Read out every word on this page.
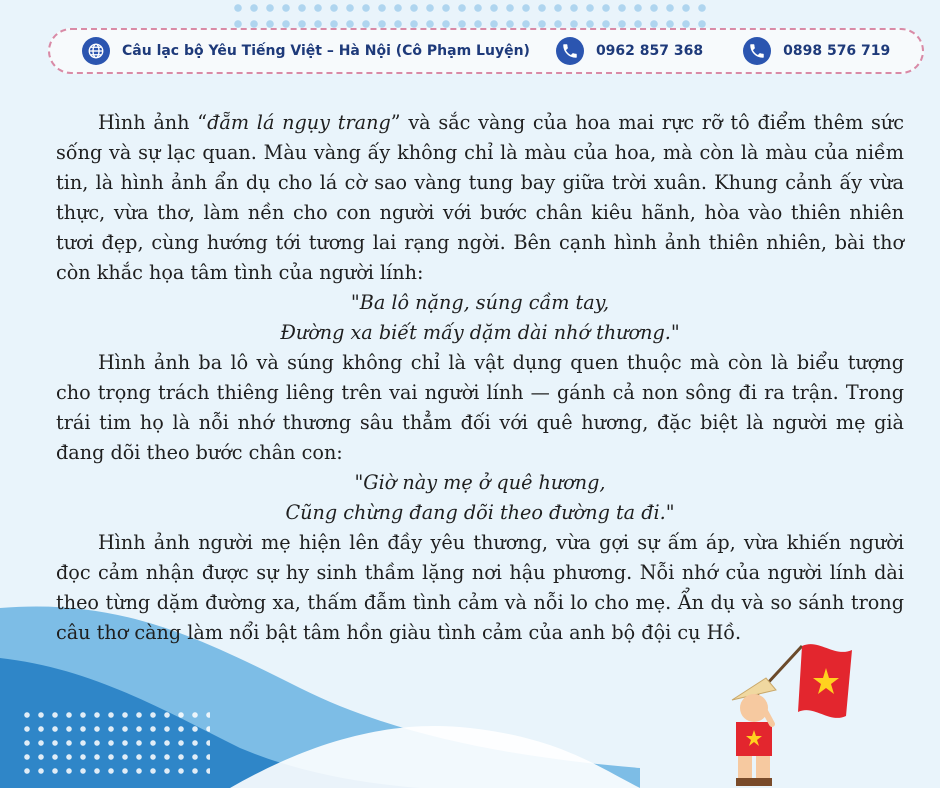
Câu lạc bộ Yêu Tiếng Việt – Hà Nội (Cô Phạm Luyện)	0962 857 368	0898 576 719

Hình ảnh “đẵm lá ngụy trang” và sắc vàng của hoa mai rực rỡ tô điểm thêm sức sống và sự lạc quan. Màu vàng ấy không chỉ là màu của hoa, mà còn là màu của niềm tin, là hình ảnh ẩn dụ cho lá cờ sao vàng tung bay giữa trời xuân. Khung cảnh ấy vừa thực, vừa thơ, làm nền cho con người với bước chân kiêu hãnh, hòa vào thiên nhiên tươi đẹp, cùng hướng tới tương lai rạng ngời. Bên cạnh hình ảnh thiên nhiên, bài thơ còn khắc họa tâm tình của người lính:

"Ba lô nặng, súng cầm tay,

Đường xa biết mấy dặm dài nhớ thương."

Hình ảnh ba lô và súng không chỉ là vật dụng quen thuộc mà còn là biểu tượng cho trọng trách thiêng liêng trên vai người lính — gánh cả non sông đi ra trận. Trong trái tim họ là nỗi nhớ thương sâu thẳm đối với quê hương, đặc biệt là người mẹ già đang dõi theo bước chân con:

"Giờ này mẹ ở quê hương,

Cũng chừng đang dõi theo đường ta đi."

Hình ảnh người mẹ hiện lên đầy yêu thương, vừa gợi sự ấm áp, vừa khiến người đọc cảm nhận được sự hy sinh thầm lặng nơi hậu phương. Nỗi nhớ của người lính dài theo từng dặm đường xa, thấm đẫm tình cảm và nỗi lo cho mẹ. Ẩn dụ và so sánh trong câu thơ càng làm nổi bật tâm hồn giàu tình cảm của anh bộ đội cụ Hồ.
